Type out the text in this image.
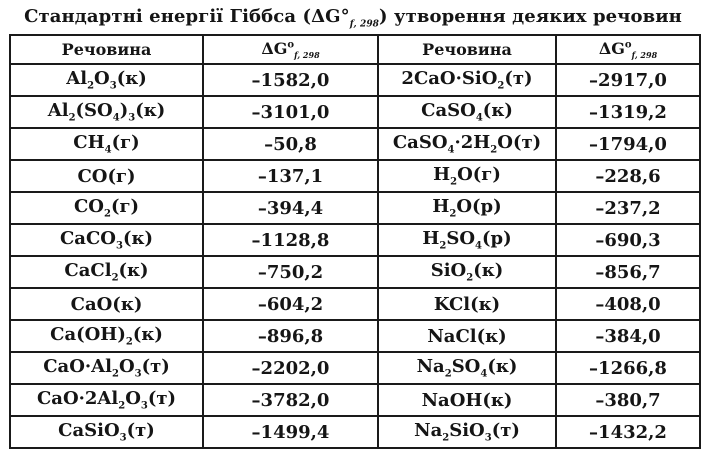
Стандартні енергії Гіббса $(\Delta G^\circ_{f, 298})$ утворення деяких речовин
Речовина	$\Delta G^o_{f, 298}$	Речовина	$\Delta G^o_{f, 298}$
$Al_2O_3(к)$	–1582,0	2CaO·SiO$_2$(т)	–2917,0
$Al_2(SO_4)_3(к)$	–3101,0	CaSO$_4$(к)	–1319,2
$CH_4(г)$	–50,8	$CaSO_4\cdot 2H_2O(т)$	–1794,0
CO(г)	–137,1	$H_2O(г)$	–228,6
$CO_2(г)$	–394,4	$H_2O(р)$	–237,2
CaCO$_3$(к)	–1128,8	$H_2SO_4(р)$	–690,3
CaCl$_2$(к)	–750,2	SiO$_2$(к)	–856,7
CaO(к)	–604,2	KCl(к)	–408,0
$Ca(OH)_2(к)$	–896,8	NaCl(к)	–384,0
$CaO\cdot Al_2O_3(т)$	–2202,0	$Na_2SO_4(к)$	–1266,8
$CaO\cdot 2Al_2O_3(т)$	–3782,0	NaOH(к)	–380,7
CaSiO$_3$(т)	–1499,4	$Na_2SiO_3(т)$	–1432,2
